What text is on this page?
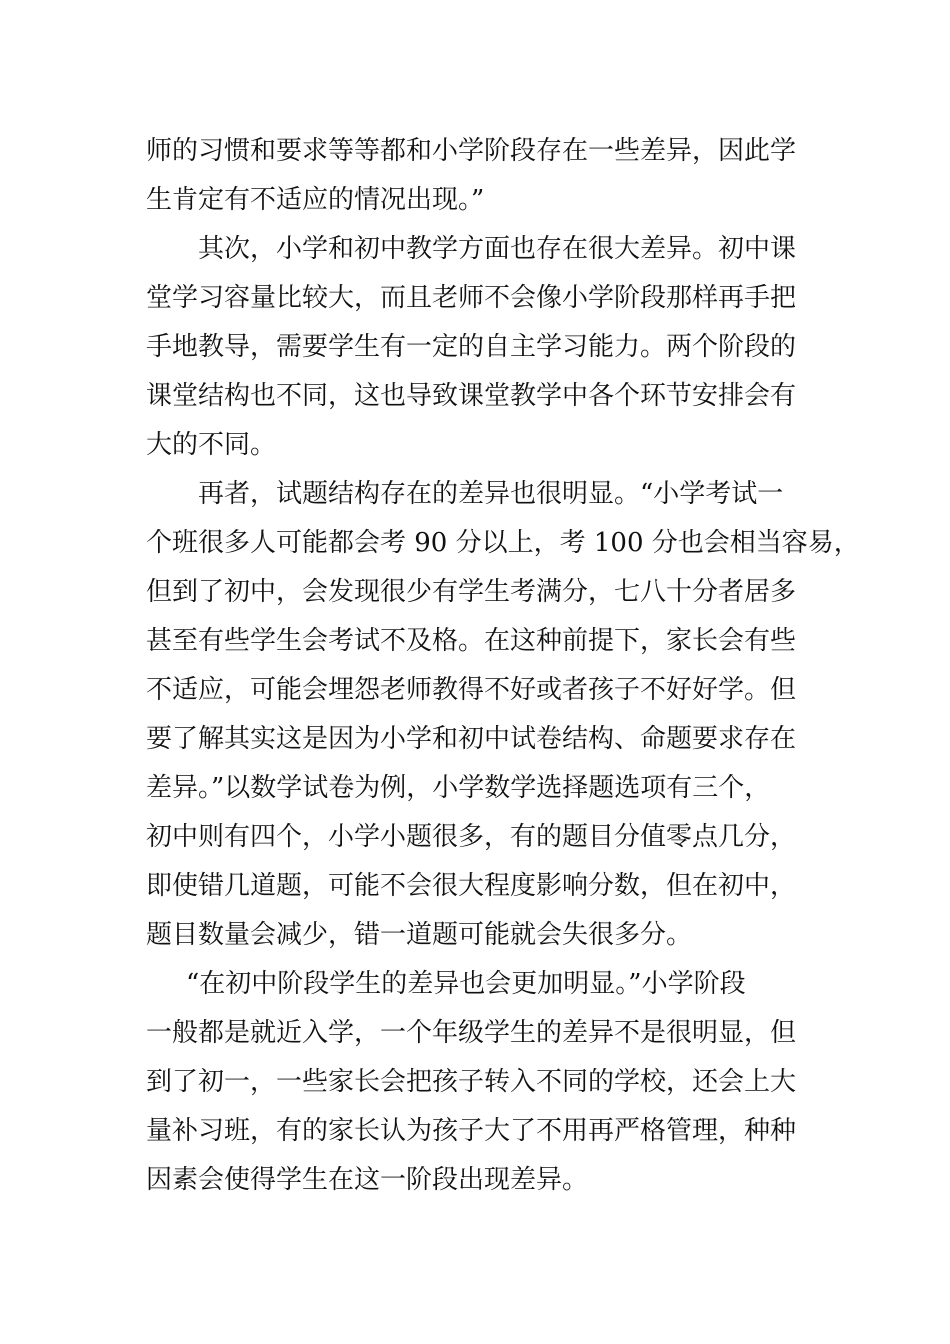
师的习惯和要求等等都和小学阶段存在一些差异，因此学
生肯定有不适应的情况出现。”
其次，小学和初中教学方面也存在很大差异。初中课
堂学习容量比较大，而且老师不会像小学阶段那样再手把
手地教导，需要学生有一定的自主学习能力。两个阶段的
课堂结构也不同，这也导致课堂教学中各个环节安排会有
大的不同。
再者，试题结构存在的差异也很明显。“小学考试一
个班很多人可能都会考 90 分以上，考 100 分也会相当容易，
但到了初中，会发现很少有学生考满分，七八十分者居多
甚至有些学生会考试不及格。在这种前提下，家长会有些
不适应，可能会埋怨老师教得不好或者孩子不好好学。但
要了解其实这是因为小学和初中试卷结构、命题要求存在
差异。”以数学试卷为例，小学数学选择题选项有三个，
初中则有四个，小学小题很多，有的题目分值零点几分，
即使错几道题，可能不会很大程度影响分数，但在初中，
题目数量会减少，错一道题可能就会失很多分。
“在初中阶段学生的差异也会更加明显。”小学阶段
一般都是就近入学，一个年级学生的差异不是很明显，但
到了初一，一些家长会把孩子转入不同的学校，还会上大
量补习班，有的家长认为孩子大了不用再严格管理，种种
因素会使得学生在这一阶段出现差异。
